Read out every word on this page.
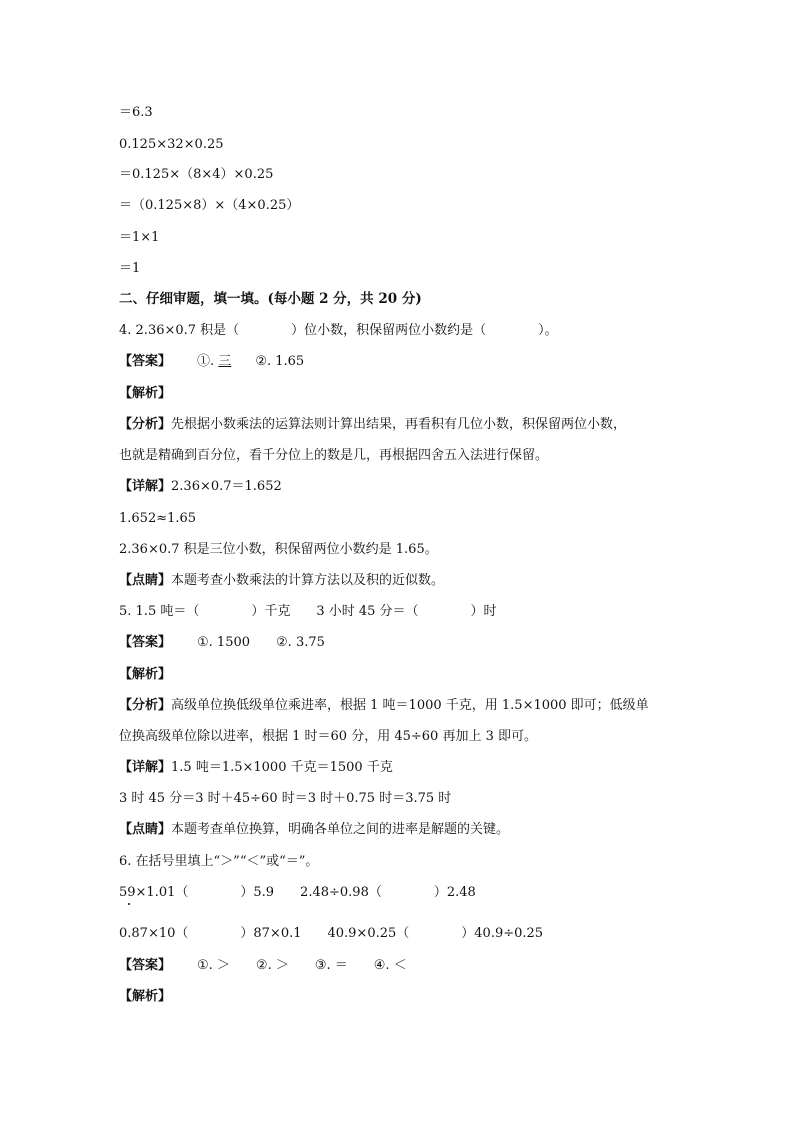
＝6.3

0.125×32×0.25

＝0.125×（8×4）×0.25

＝（0.125×8）×（4×0.25）

＝1×1

＝1

二、仔细审题，填一填。(每小题 2 分，共 20 分)

4. 2.36×0.7 积是（　　　　）位小数，积保留两位小数约是（　　　　）。

【答案】 ①. 三 ②. 1.65

【解析】

【分析】先根据小数乘法的运算法则计算出结果，再看积有几位小数，积保留两位小数，

也就是精确到百分位，看千分位上的数是几，再根据四舍五入法进行保留。

【详解】2.36×0.7＝1.652

1.652≈1.65

2.36×0.7 积是三位小数，积保留两位小数约是 1.65。

【点睛】本题考查小数乘法的计算方法以及积的近似数。

5. 1.5 吨＝（　　　　）千克　　3 小时 45 分＝（　　　　）时

【答案】 ①. 1500　　②. 3.75

【解析】

【分析】高级单位换低级单位乘进率，根据 1 吨＝1000 千克，用 1.5×1000 即可；低级单

位换高级单位除以进率，根据 1 时＝60 分，用 45÷60 再加上 3 即可。

【详解】1.5 吨＝1.5×1000 千克＝1500 千克

3 时 45 分＝3 时＋45÷60 时＝3 时＋0.75 时＝3.75 时

【点睛】本题考查单位换算，明确各单位之间的进率是解题的关键。

6. 在括号里填上“＞”“＜”或“＝”。

59×1.01（　　　　）5.9　　2.48÷0.98（　　　　）2.48

0.87×10（　　　　）87×0.1　　40.9×0.25（　　　　）40.9÷0.25

【答案】 ①. ＞　　②. ＞　　③. ＝　　④. ＜

【解析】
